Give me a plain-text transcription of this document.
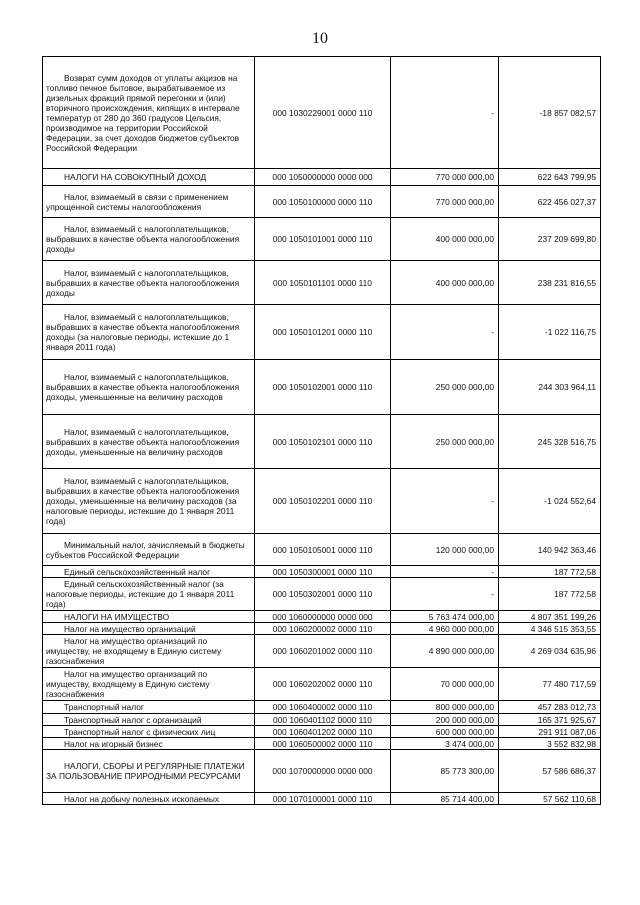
10
Возврат сумм доходов от уплаты акцизов на топливо печное бытовое, вырабатываемое из дизельных фракций прямой перегонки и (или) вторичного происхождения, кипящих в интервале температур от 280 до 360 градусов Цельсия, производимое на территории Российской Федерации, за счет доходов бюджетов субъектов Российской Федерации	000 1030229001 0000 110	-	-18 857 082,57
НАЛОГИ НА СОВОКУПНЫЙ ДОХОД	000 1050000000 0000 000	770 000 000,00	622 643 799,95
Налог, взимаемый в связи с применением упрощенной системы налогообложения	000 1050100000 0000 110	770 000 000,00	622 456 027,37
Налог, взимаемый с налогоплательщиков, выбравших в качестве объекта налогообложения доходы	000 1050101001 0000 110	400 000 000,00	237 209 699,80
Налог, взимаемый с налогоплательщиков, выбравших в качестве объекта налогообложения доходы	000 1050101101 0000 110	400 000 000,00	238 231 816,55
Налог, взимаемый с налогоплательщиков, выбравших в качестве объекта налогообложения доходы (за налоговые периоды, истекшие до 1 января 2011 года)	000 1050101201 0000 110	-	-1 022 116,75
Налог, взимаемый с налогоплательщиков, выбравших в качестве объекта налогообложения доходы, уменьшенные на величину расходов	000 1050102001 0000 110	250 000 000,00	244 303 964,11
Налог, взимаемый с налогоплательщиков, выбравших в качестве объекта налогообложения доходы, уменьшенные на величину расходов	000 1050102101 0000 110	250 000 000,00	245 328 516,75
Налог, взимаемый с налогоплательщиков, выбравших в качестве объекта налогообложения доходы, уменьшенные на величину расходов (за налоговые периоды, истекшие до 1 января 2011 года)	000 1050102201 0000 110	-	-1 024 552,64
Минимальный налог, зачисляемый в бюджеты субъектов Российской Федерации	000 1050105001 0000 110	120 000 000,00	140 942 363,46
Единый сельскохозяйственный налог	000 1050300001 0000 110	-	187 772,58
Единый сельскохозяйственный налог (за налоговые периоды, истекшие до 1 января 2011 года)	000 1050302001 0000 110	-	187 772,58
НАЛОГИ НА ИМУЩЕСТВО	000 1060000000 0000 000	5 763 474 000,00	4 807 351 199,26
Налог на имущество организаций	000 1060200002 0000 110	4 960 000 000,00	4 346 515 353,55
Налог на имущество организаций по имуществу, не входящему в Единую систему газоснабжения	000 1060201002 0000 110	4 890 000 000,00	4 269 034 635,96
Налог на имущество организаций по имуществу, входящему в Единую систему газоснабжения	000 1060202002 0000 110	70 000 000,00	77 480 717,59
Транспортный налог	000 1060400002 0000 110	800 000 000,00	457 283 012,73
Транспортный налог с организаций	000 1060401102 0000 110	200 000 000,00	165 371 925,67
Транспортный налог с физических лиц	000 1060401202 0000 110	600 000 000,00	291 911 087,06
Налог на игорный бизнес	000 1060500002 0000 110	3 474 000,00	3 552 832,98
НАЛОГИ, СБОРЫ И РЕГУЛЯРНЫЕ ПЛАТЕЖИ ЗА ПОЛЬЗОВАНИЕ ПРИРОДНЫМИ РЕСУРСАМИ	000 1070000000 0000 000	85 773 300,00	57 586 686,37
Налог на добычу полезных ископаемых	000 1070100001 0000 110	85 714 400,00	57 562 110,68
